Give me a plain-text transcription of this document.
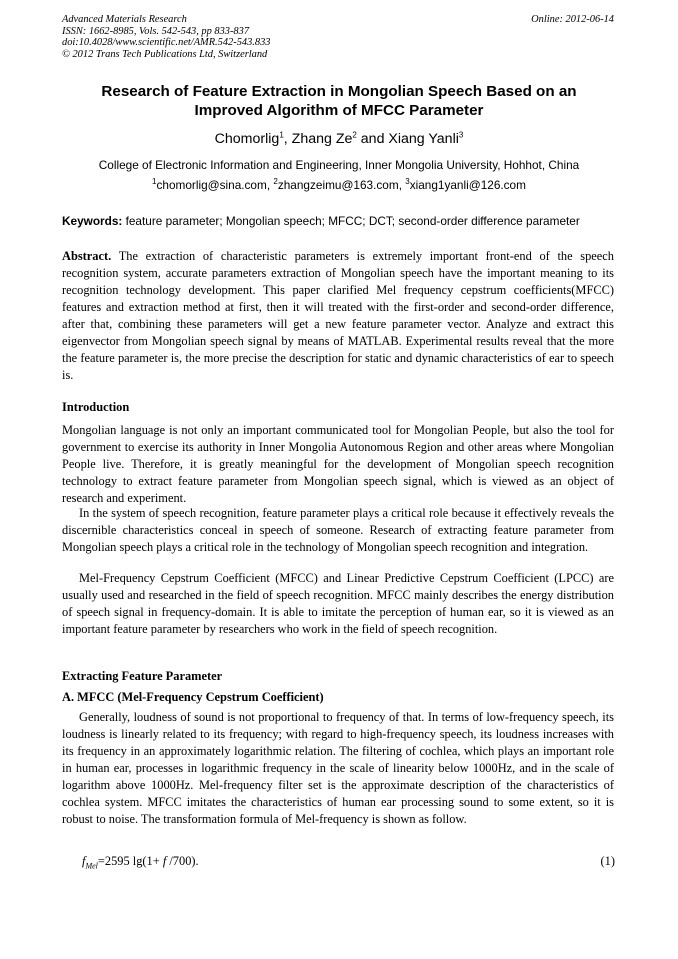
Advanced Materials Research
ISSN: 1662-8985, Vols. 542-543, pp 833-837
doi:10.4028/www.scientific.net/AMR.542-543.833
© 2012 Trans Tech Publications Ltd, Switzerland
Online: 2012-06-14
Research of Feature Extraction in Mongolian Speech Based on an Improved Algorithm of MFCC Parameter
Chomorlig$^1$, Zhang Ze$^2$ and Xiang Yanli$^3$
College of Electronic Information and Engineering, Inner Mongolia University, Hohhot, China
$^1$chomorlig@sina.com, $^2$zhangzeimu@163.com, $^3$xiang1yanli@126.com
Keywords: feature parameter; Mongolian speech; MFCC; DCT; second-order difference parameter

Abstract. The extraction of characteristic parameters is extremely important front-end of the speech recognition system, accurate parameters extraction of Mongolian speech have the important meaning to its recognition technology development. This paper clarified Mel frequency cepstrum coefficients(MFCC) features and extraction method at first, then it will treated with the first-order and second-order difference, after that, combining these parameters will get a new feature parameter vector. Analyze and extract this eigenvector from Mongolian speech signal by means of MATLAB. Experimental results reveal that the more the feature parameter is, the more precise the description for static and dynamic characteristics of ear to speech is.

Introduction

Mongolian language is not only an important communicated tool for Mongolian People, but also the tool for government to exercise its authority in Inner Mongolia Autonomous Region and other areas where Mongolian People live. Therefore, it is greatly meaningful for the development of Mongolian speech recognition technology to extract feature parameter from Mongolian speech signal, which is viewed as an object of research and experiment.

In the system of speech recognition, feature parameter plays a critical role because it effectively reveals the discernible characteristics conceal in speech of someone. Research of extracting feature parameter from Mongolian speech plays a critical role in the technology of Mongolian speech recognition and integration.

Mel-Frequency Cepstrum Coefficient (MFCC) and Linear Predictive Cepstrum Coefficient (LPCC) are usually used and researched in the field of speech recognition. MFCC mainly describes the energy distribution of speech signal in frequency-domain. It is able to imitate the perception of human ear, so it is viewed as an important feature parameter by researchers who work in the field of speech recognition.

Extracting Feature Parameter
A. MFCC (Mel-Frequency Cepstrum Coefficient)

Generally, loudness of sound is not proportional to frequency of that. In terms of low-frequency speech, its loudness is linearly related to its frequency; with regard to high-frequency speech, its loudness increases with its frequency in an approximately logarithmic relation. The filtering of cochlea, which plays an important role in human ear, processes in logarithmic frequency in the scale of linearity below 1000Hz, and in the scale of logarithm above 1000Hz. Mel-frequency filter set is the approximate description of the characteristics of cochlea system. MFCC imitates the characteristics of human ear processing sound to some extent, so it is robust to noise. The transformation formula of Mel-frequency is shown as follow.

$f_{Mel}=2595$ lg(1+ f /700).	(1)
